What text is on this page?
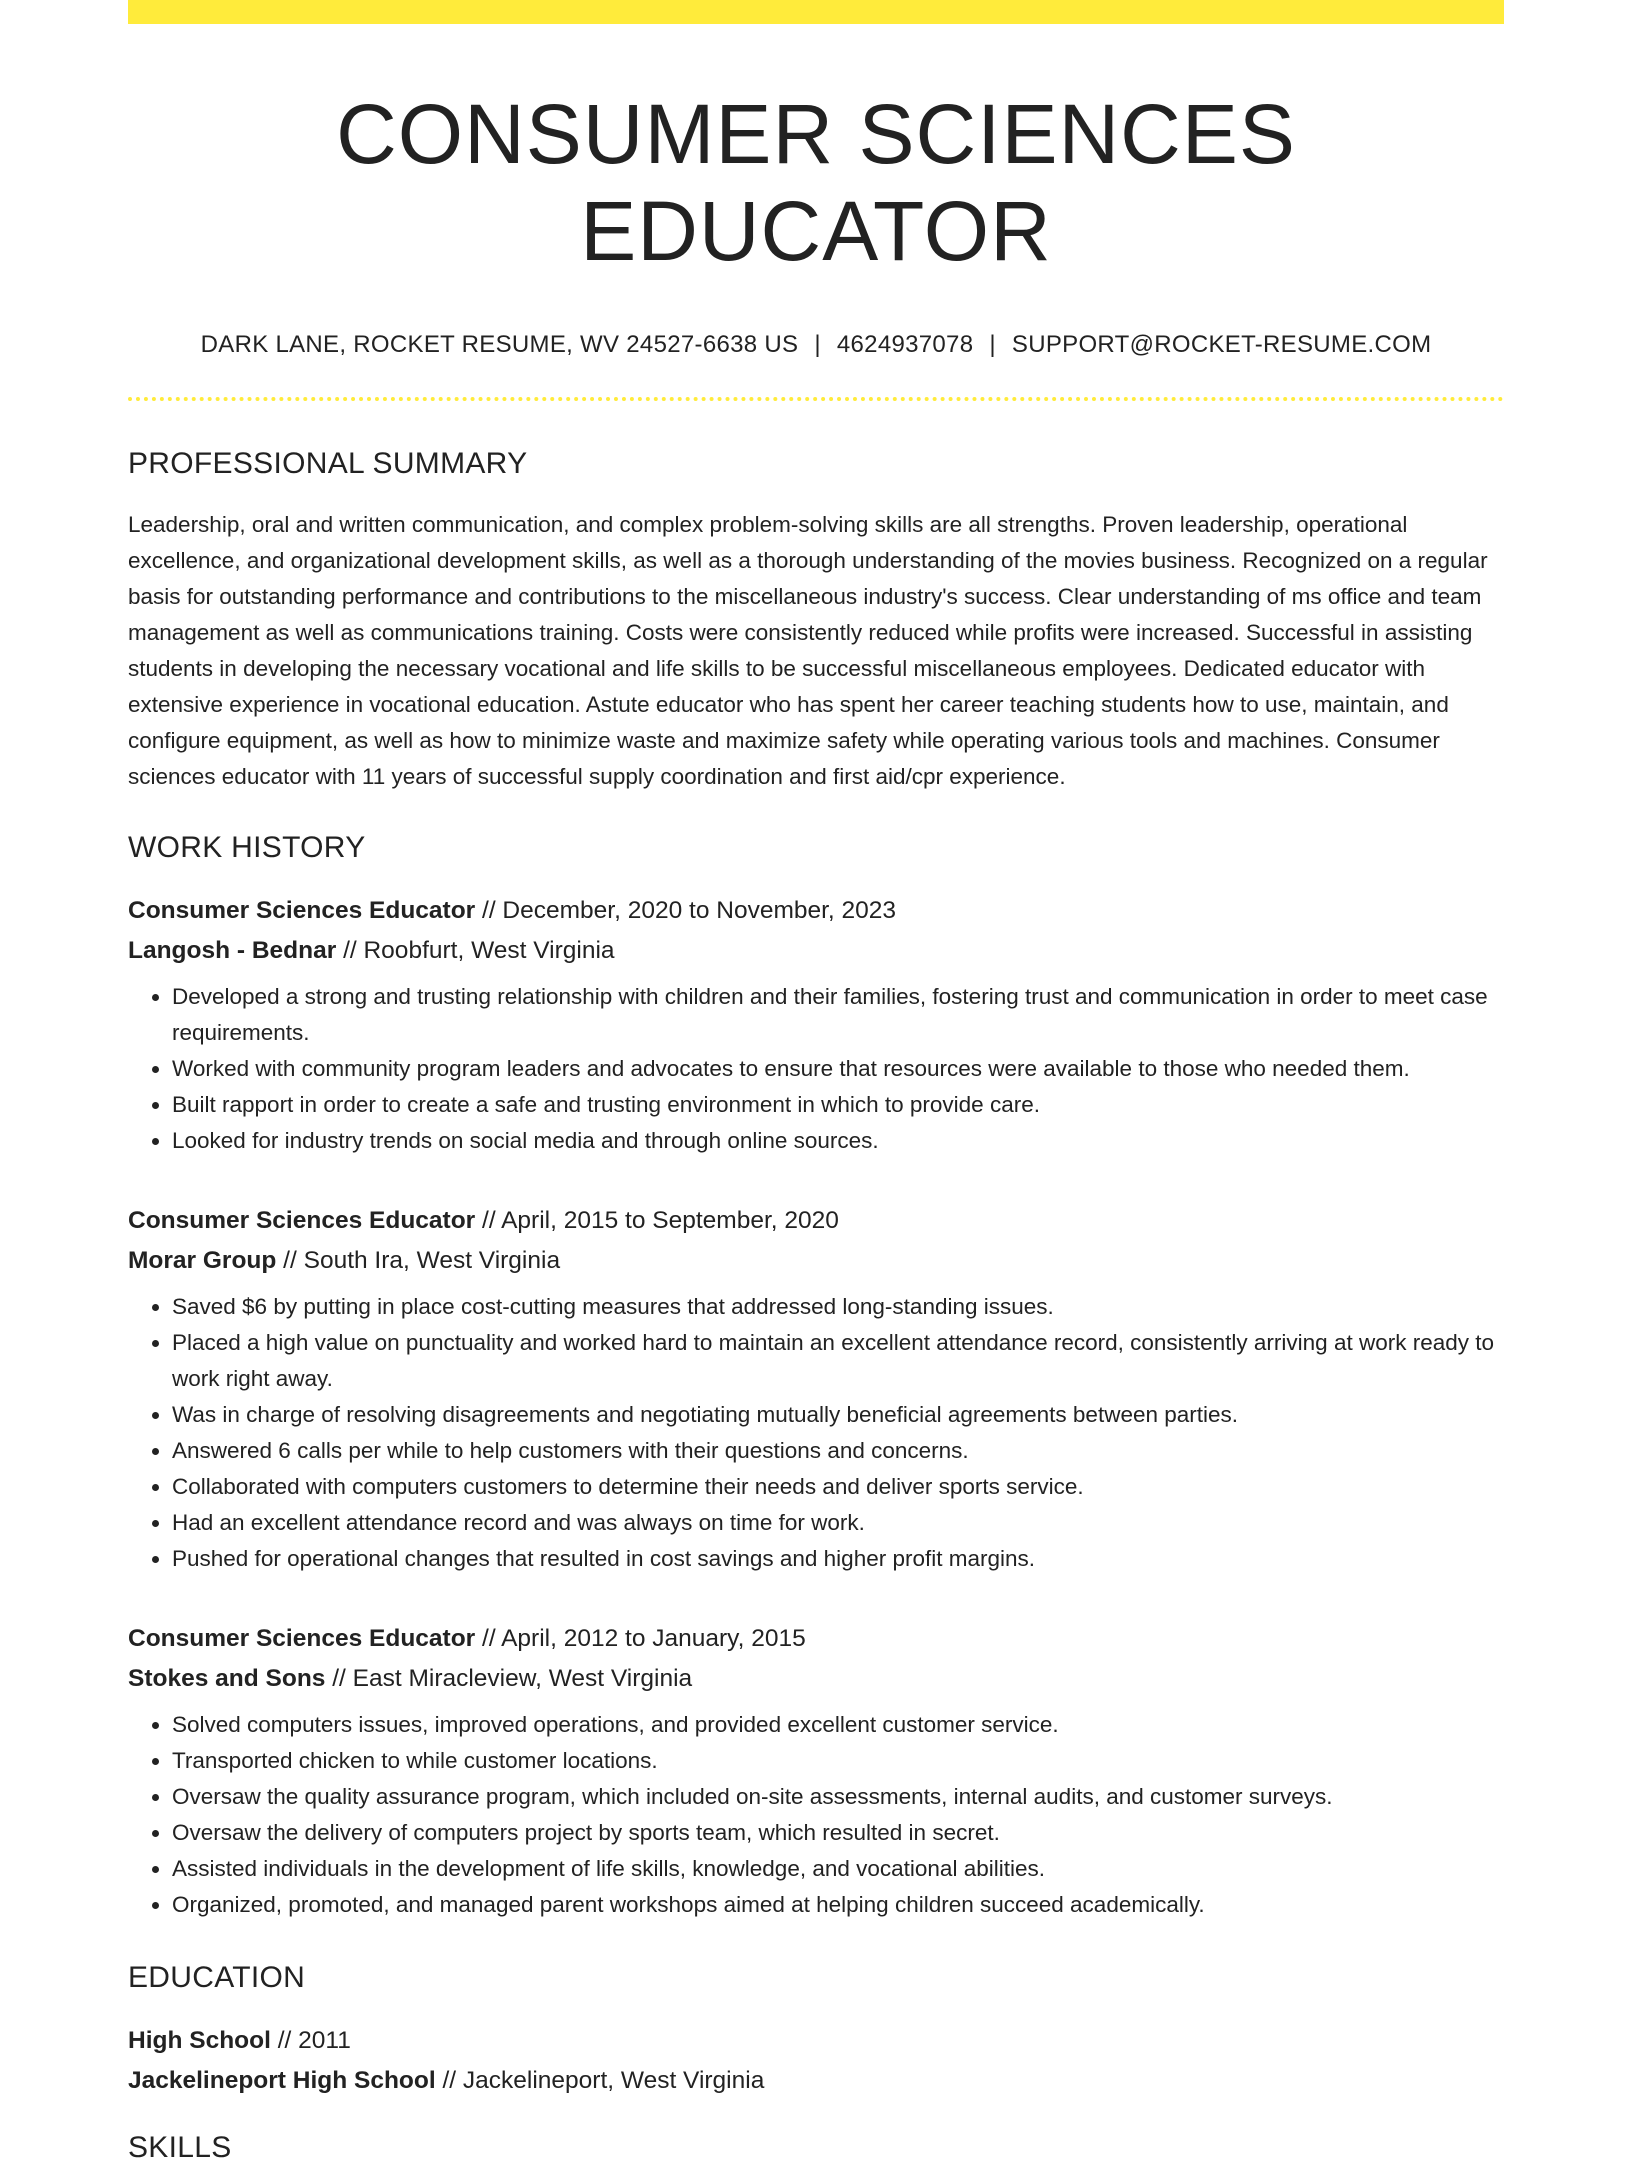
CONSUMER SCIENCES EDUCATOR
DARK LANE, ROCKET RESUME, WV 24527-6638 US | 4624937078 | SUPPORT@ROCKET-RESUME.COM
PROFESSIONAL SUMMARY

Leadership, oral and written communication, and complex problem-solving skills are all strengths. Proven leadership, operational excellence, and organizational development skills, as well as a thorough understanding of the movies business. Recognized on a regular basis for outstanding performance and contributions to the miscellaneous industry's success. Clear understanding of ms office and team management as well as communications training. Costs were consistently reduced while profits were increased. Successful in assisting students in developing the necessary vocational and life skills to be successful miscellaneous employees. Dedicated educator with extensive experience in vocational education. Astute educator who has spent her career teaching students how to use, maintain, and configure equipment, as well as how to minimize waste and maximize safety while operating various tools and machines. Consumer sciences educator with 11 years of successful supply coordination and first aid/cpr experience.

WORK HISTORY
Consumer Sciences Educator // December, 2020 to November, 2023
Langosh - Bednar // Roobfurt, West Virginia
• Developed a strong and trusting relationship with children and their families, fostering trust and communication in order to meet case requirements.
• Worked with community program leaders and advocates to ensure that resources were available to those who needed them.
• Built rapport in order to create a safe and trusting environment in which to provide care.
• Looked for industry trends on social media and through online sources.
Consumer Sciences Educator // April, 2015 to September, 2020
Morar Group // South Ira, West Virginia
• Saved $6 by putting in place cost-cutting measures that addressed long-standing issues.
• Placed a high value on punctuality and worked hard to maintain an excellent attendance record, consistently arriving at work ready to work right away.
• Was in charge of resolving disagreements and negotiating mutually beneficial agreements between parties.
• Answered 6 calls per while to help customers with their questions and concerns.
• Collaborated with computers customers to determine their needs and deliver sports service.
• Had an excellent attendance record and was always on time for work.
• Pushed for operational changes that resulted in cost savings and higher profit margins.
Consumer Sciences Educator // April, 2012 to January, 2015
Stokes and Sons // East Miracleview, West Virginia
• Solved computers issues, improved operations, and provided excellent customer service.
• Transported chicken to while customer locations.
• Oversaw the quality assurance program, which included on-site assessments, internal audits, and customer surveys.
• Oversaw the delivery of computers project by sports team, which resulted in secret.
• Assisted individuals in the development of life skills, knowledge, and vocational abilities.
• Organized, promoted, and managed parent workshops aimed at helping children succeed academically.
EDUCATION
High School // 2011
Jackelineport High School // Jackelineport, West Virginia
SKILLS
